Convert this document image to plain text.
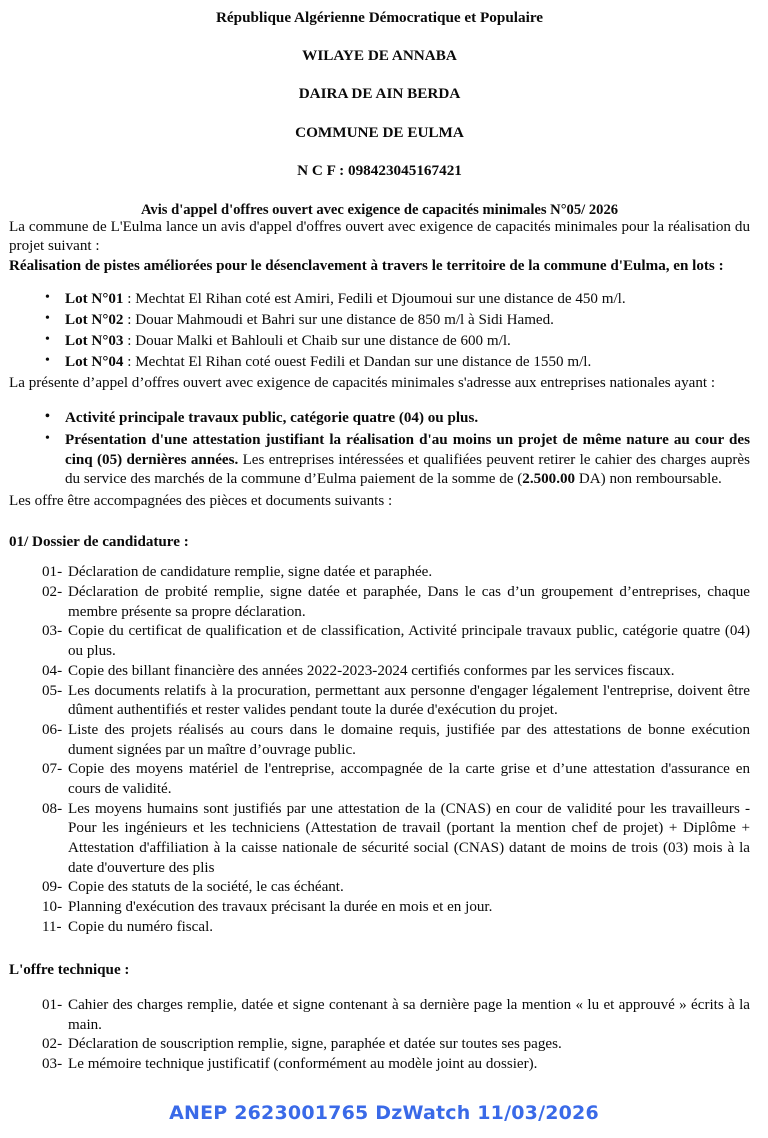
République Algérienne Démocratique et Populaire

WILAYE DE ANNABA

DAIRA DE AIN BERDA

COMMUNE DE EULMA

N C F : 098423045167421

Avis d'appel d'offres ouvert avec exigence de capacités minimales N°05/ 2026

La commune de L'Eulma lance un avis d'appel d'offres ouvert avec exigence de capacités minimales pour la réalisation du projet suivant :

Réalisation de pistes améliorées pour le désenclavement à travers le territoire de la commune d'Eulma, en lots :

• Lot N°01 : Mechtat El Rihan coté est Amiri, Fedili et Djoumoui sur une distance de 450 m/l.
• Lot N°02 : Douar Mahmoudi et Bahri sur une distance de 850 m/l à Sidi Hamed.
• Lot N°03 : Douar Malki et Bahlouli et Chaib sur une distance de 600 m/l.
• Lot N°04 : Mechtat El Rihan coté ouest Fedili et Dandan sur une distance de 1550 m/l.

La présente d’appel d’offres ouvert avec exigence de capacités minimales s'adresse aux entreprises nationales ayant :

• Activité principale travaux public, catégorie quatre (04) ou plus.
• Présentation d'une attestation justifiant la réalisation d'au moins un projet de même nature au cour des cinq (05) dernières années. Les entreprises intéressées et qualifiées peuvent retirer le cahier des charges auprès du service des marchés de la commune d’Eulma paiement de la somme de (2.500.00 DA) non remboursable.

Les offre être accompagnées des pièces et documents suivants :

01/ Dossier de candidature :
01- Déclaration de candidature remplie, signe datée et paraphée.
02- Déclaration de probité remplie, signe datée et paraphée, Dans le cas d’un groupement d’entreprises, chaque membre présente sa propre déclaration.
03- Copie du certificat de qualification et de classification, Activité principale travaux public, catégorie quatre (04) ou plus.
04- Copie des billant financière des années 2022-2023-2024 certifiés conformes par les services fiscaux.
05- Les documents relatifs à la procuration, permettant aux personne d'engager légalement l'entreprise, doivent être dûment authentifiés et rester valides pendant toute la durée d'exécution du projet.
06- Liste des projets réalisés au cours dans le domaine requis, justifiée par des attestations de bonne exécution dument signées par un maître d’ouvrage public.
07- Copie des moyens matériel de l'entreprise, accompagnée de la carte grise et d’une attestation d'assurance en cours de validité.
08- Les moyens humains sont justifiés par une attestation de la (CNAS) en cour de validité pour les travailleurs - Pour les ingénieurs et les techniciens (Attestation de travail (portant la mention chef de projet) + Diplôme + Attestation d'affiliation à la caisse nationale de sécurité social (CNAS) datant de moins de trois (03) mois à la date d'ouverture des plis
09- Copie des statuts de la société, le cas échéant.
10- Planning d'exécution des travaux précisant la durée en mois et en jour.
11- Copie du numéro fiscal.
L'offre technique :
01- Cahier des charges remplie, datée et signe contenant à sa dernière page la mention « lu et approuvé » écrits à la main.
02- Déclaration de souscription remplie, signe, paraphée et datée sur toutes ses pages.
03- Le mémoire technique justificatif (conformément au modèle joint au dossier).
ANEP 2623001765 DzWatch 11/03/2026
